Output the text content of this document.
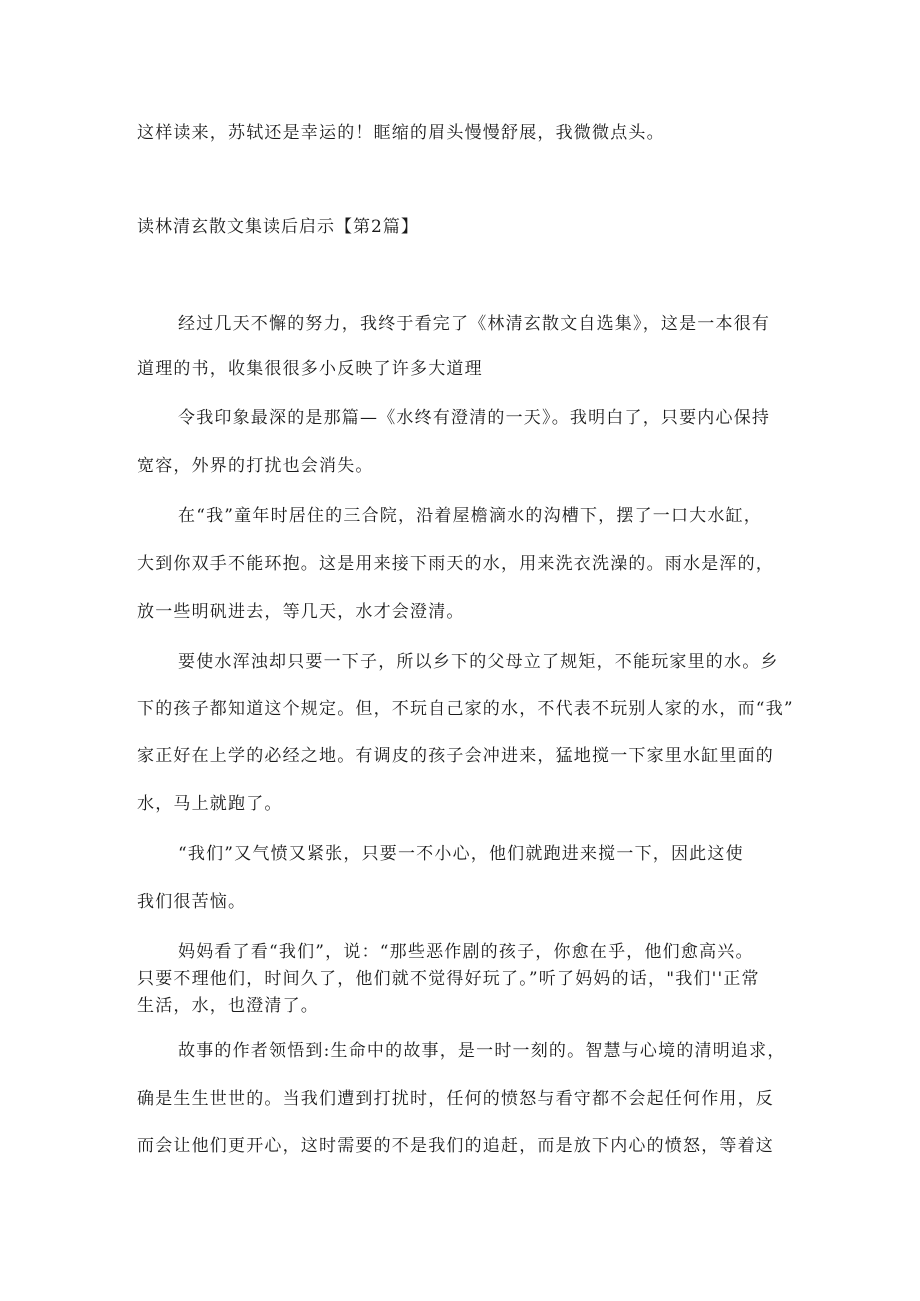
这样读来，苏轼还是幸运的！眶缩的眉头慢慢舒展，我微微点头。
读林清玄散文集读后启示【第2篇】
经过几天不懈的努力，我终于看完了《林清玄散文自选集》，这是一本很有
道理的书，收集很很多小反映了许多大道理
令我印象最深的是那篇—《水终有澄清的一天》。我明白了，只要内心保持
宽容，外界的打扰也会消失。
在“我”童年时居住的三合院，沿着屋檐滴水的沟槽下，摆了一口大水缸，
大到你双手不能环抱。这是用来接下雨天的水，用来洗衣洗澡的。雨水是浑的，
放一些明矾进去，等几天，水才会澄清。
要使水浑浊却只要一下子，所以乡下的父母立了规矩，不能玩家里的水。乡
下的孩子都知道这个规定。但，不玩自己家的水，不代表不玩别人家的水，而“我”
家正好在上学的必经之地。有调皮的孩子会冲进来，猛地搅一下家里水缸里面的
水，马上就跑了。
“我们”又气愤又紧张，只要一不小心，他们就跑进来搅一下，因此这使
我们很苦恼。
妈妈看了看“我们”，说：“那些恶作剧的孩子，你愈在乎，他们愈高兴。
只要不理他们，时间久了，他们就不觉得好玩了。”听了妈妈的话，"我们''正常
生活，水，也澄清了。
故事的作者领悟到:生命中的故事，是一时一刻的。智慧与心境的清明追求，
确是生生世世的。当我们遭到打扰时，任何的愤怒与看守都不会起任何作用，反
而会让他们更开心，这时需要的不是我们的追赶，而是放下内心的愤怒，等着这
